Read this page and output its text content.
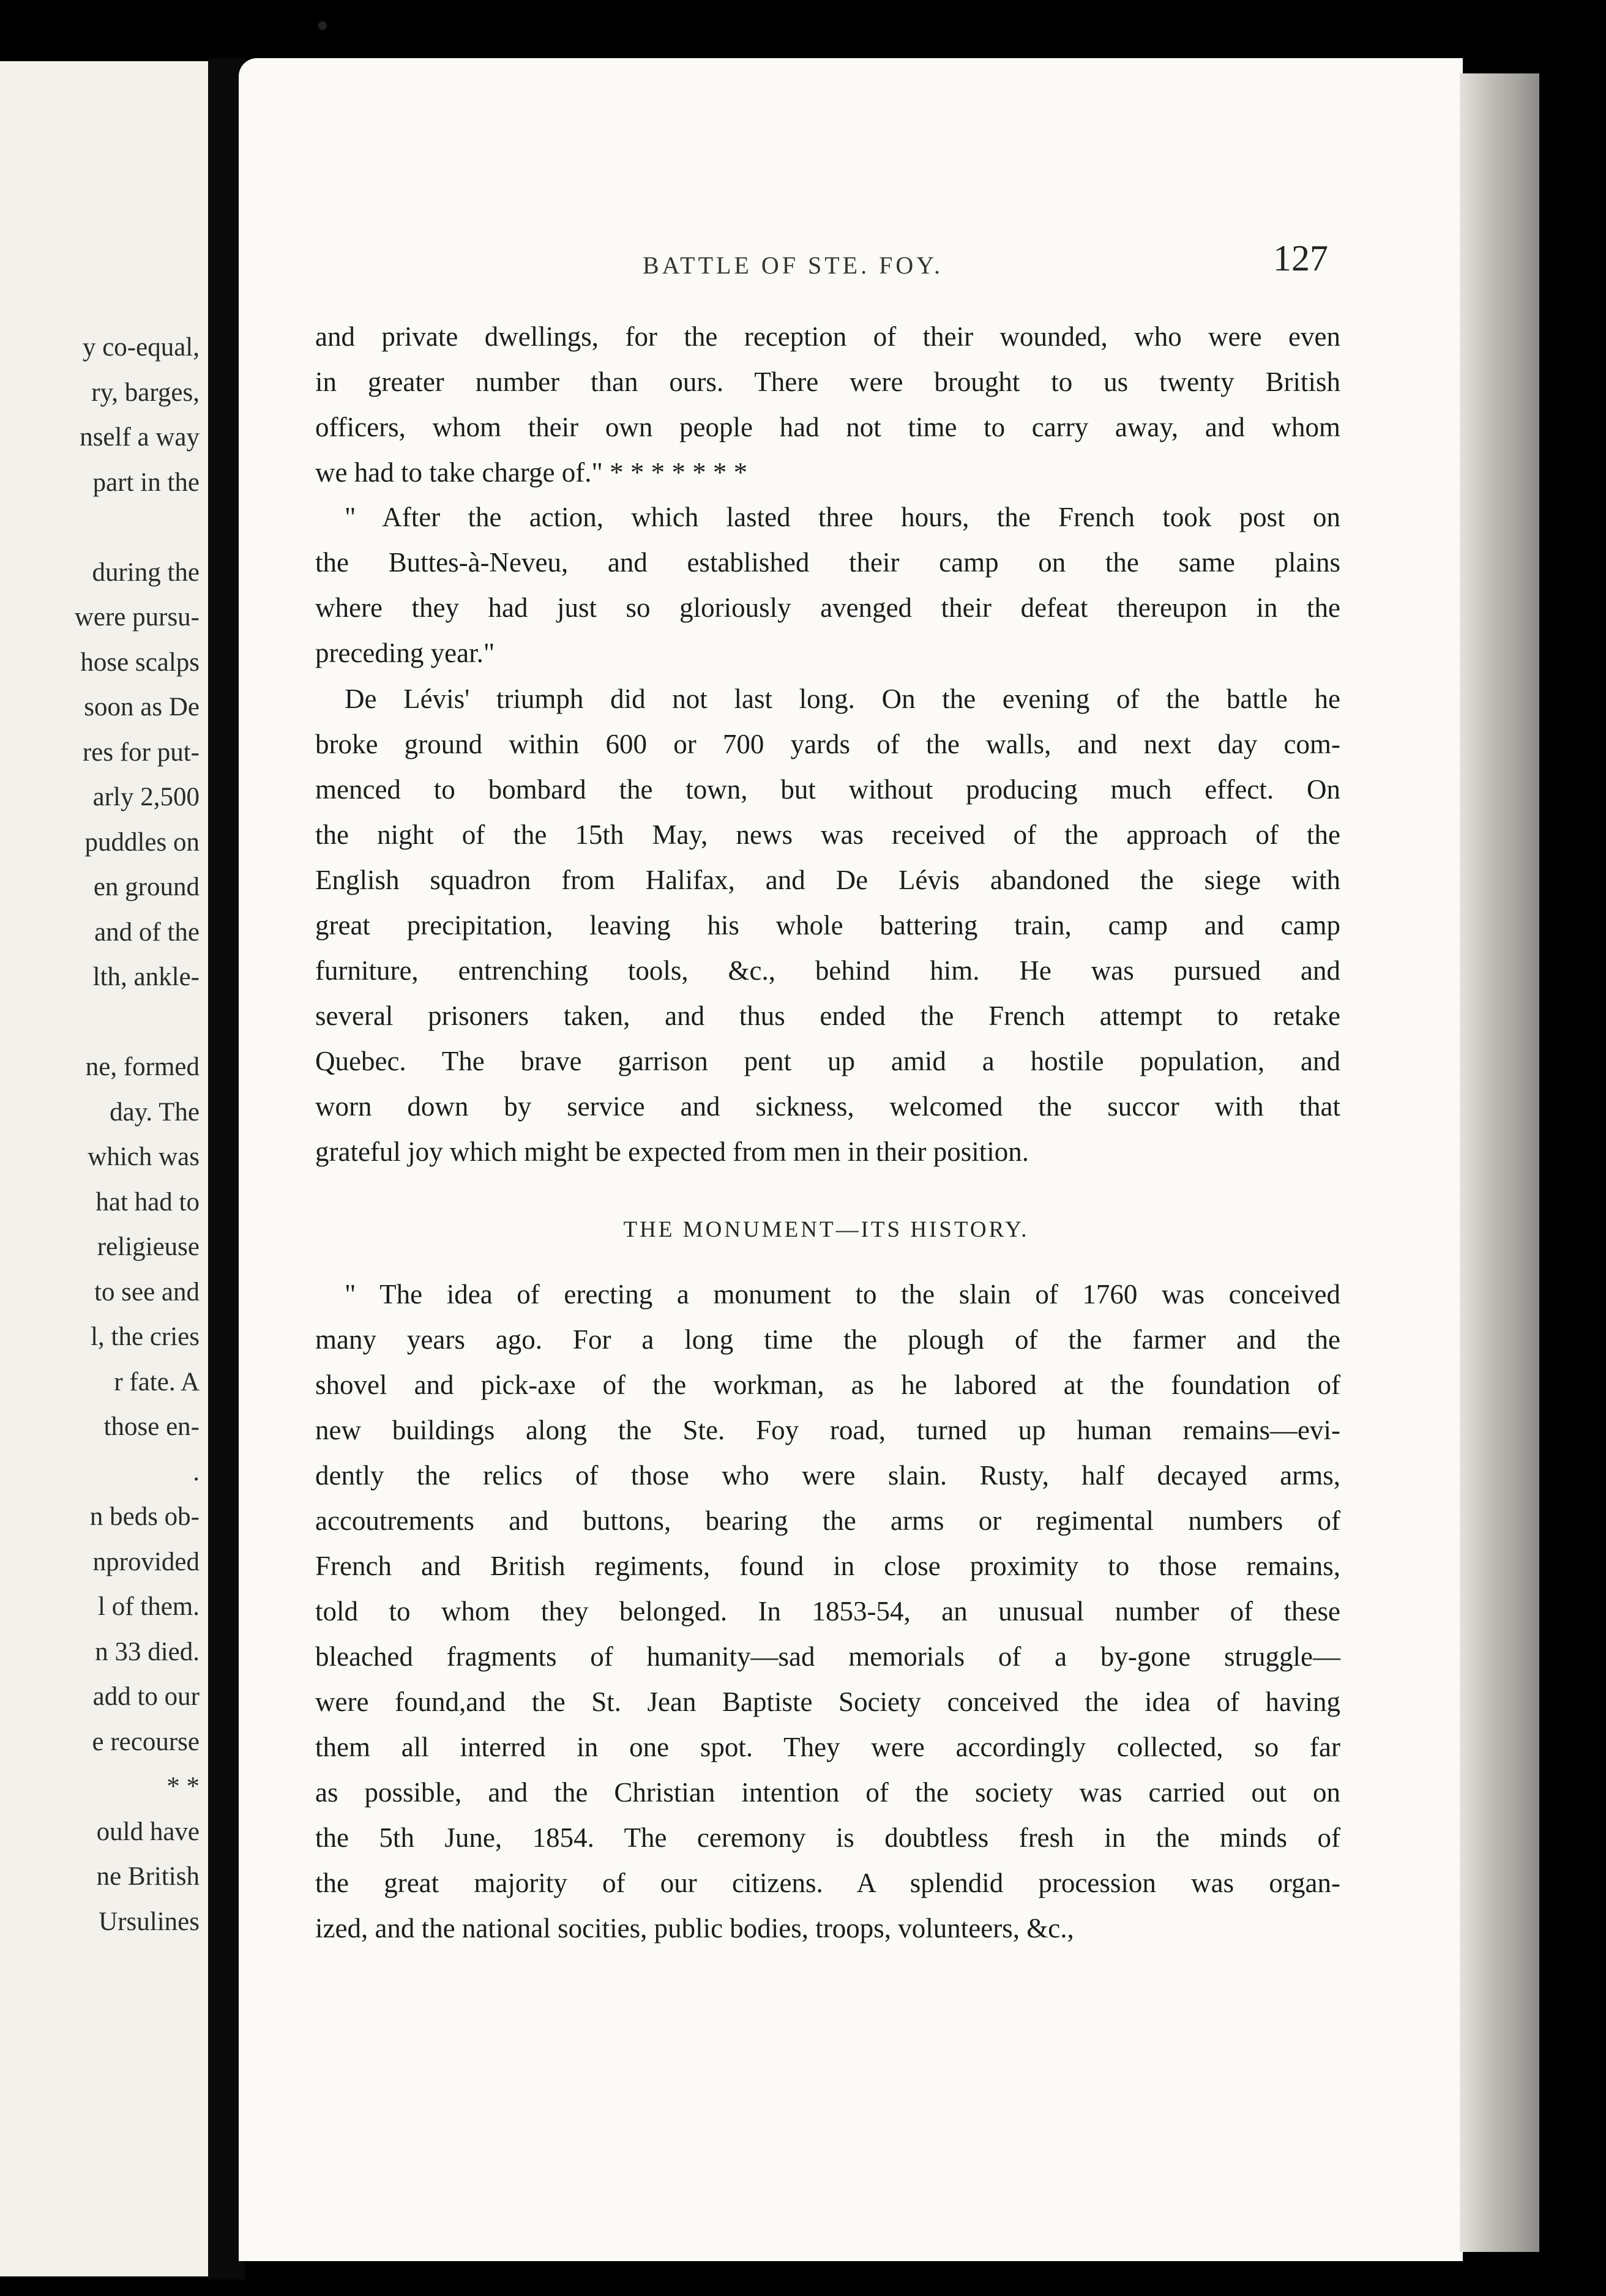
y co-equal,
ry, barges,
nself a way
part in the
during the
were pursu-
hose scalps
soon as De
res for put-
arly 2,500
puddles on
en ground
and of the
lth, ankle-
ne, formed
day. The
which was
hat had to
religieuse
to see and
l, the cries
r fate. A
those en-
.
n beds ob-
nprovided
l of them.
n 33 died.
add to our
e recourse
* *
ould have
ne British
Ursulines
BATTLE OF STE. FOY.	127
THE MONUMENT—ITS HISTORY.
and private dwellings, for the reception of their wounded, who were even
in greater number than ours. There were brought to us twenty British
officers, whom their own people had not time to carry away, and whom
we had to take charge of." * * * * * * *
" After the action, which lasted three hours, the French took post on
the Buttes-à-Neveu, and established their camp on the same plains
where they had just so gloriously avenged their defeat thereupon in the
preceding year."
De Lévis' triumph did not last long. On the evening of the battle he
broke ground within 600 or 700 yards of the walls, and next day com-
menced to bombard the town, but without producing much effect. On
the night of the 15th May, news was received of the approach of the
English squadron from Halifax, and De Lévis abandoned the siege with
great precipitation, leaving his whole battering train, camp and camp
furniture, entrenching tools, &c., behind him. He was pursued and
several prisoners taken, and thus ended the French attempt to retake
Quebec. The brave garrison pent up amid a hostile population, and
worn down by service and sickness, welcomed the succor with that
grateful joy which might be expected from men in their position.
" The idea of erecting a monument to the slain of 1760 was conceived
many years ago. For a long time the plough of the farmer and the
shovel and pick-axe of the workman, as he labored at the foundation of
new buildings along the Ste. Foy road, turned up human remains—evi-
dently the relics of those who were slain. Rusty, half decayed arms,
accoutrements and buttons, bearing the arms or regimental numbers of
French and British regiments, found in close proximity to those remains,
told to whom they belonged. In 1853-54, an unusual number of these
bleached fragments of humanity—sad memorials of a by-gone struggle—
were found,and the St. Jean Baptiste Society conceived the idea of having
them all interred in one spot. They were accordingly collected, so far
as possible, and the Christian intention of the society was carried out on
the 5th June, 1854. The ceremony is doubtless fresh in the minds of
the great majority of our citizens. A splendid procession was organ-
ized, and the national socities, public bodies, troops, volunteers, &c.,
